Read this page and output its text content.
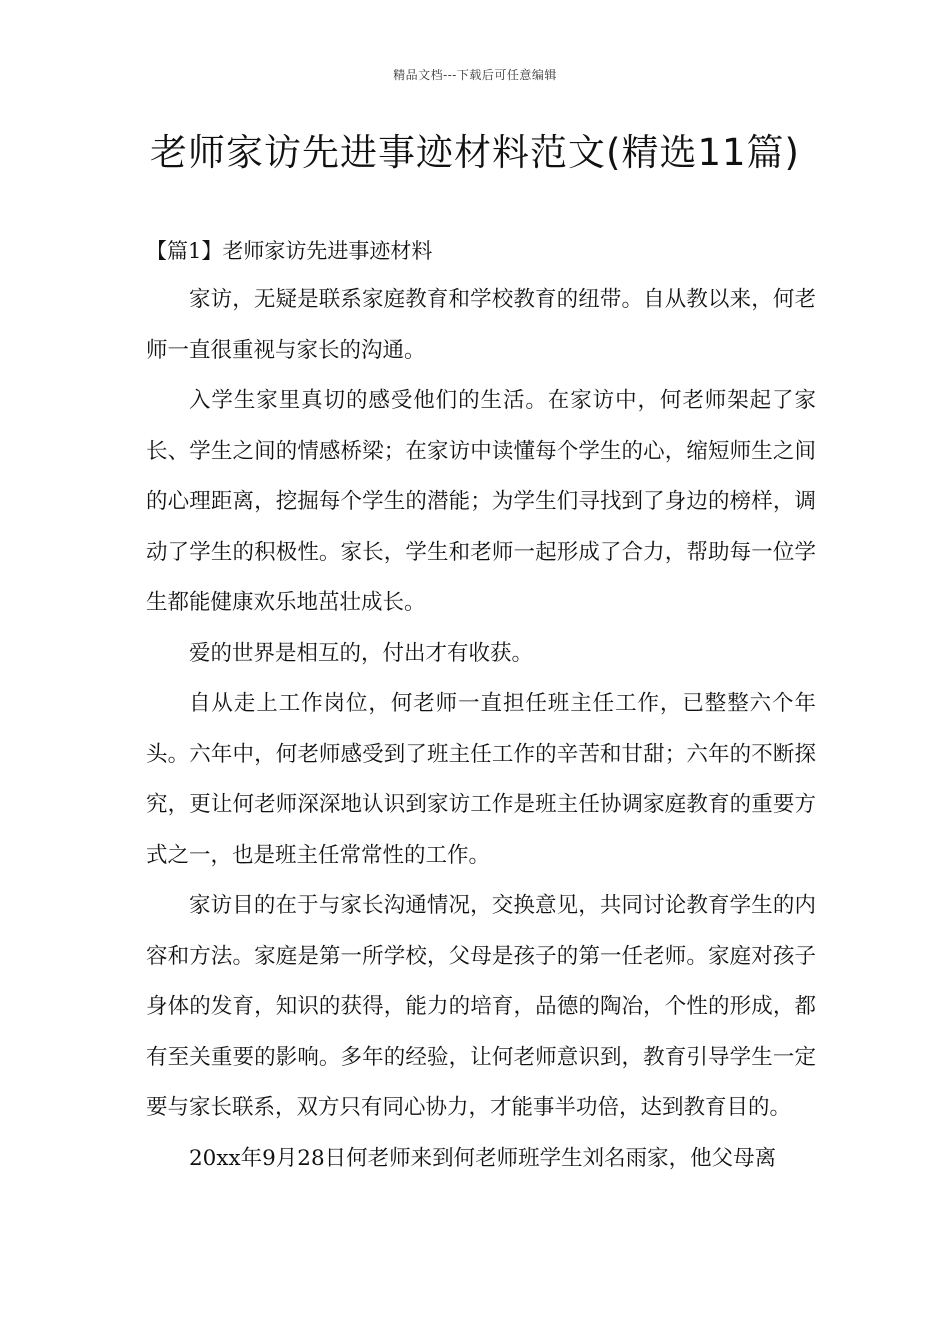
精品文档---下载后可任意编辑
老师家访先进事迹材料范文(精选11篇)
【篇1】老师家访先进事迹材料

家访，无疑是联系家庭教育和学校教育的纽带。自从教以来，何老师一直很重视与家长的沟通。

入学生家里真切的感受他们的生活。在家访中，何老师架起了家长、学生之间的情感桥梁；在家访中读懂每个学生的心，缩短师生之间的心理距离，挖掘每个学生的潜能；为学生们寻找到了身边的榜样，调动了学生的积极性。家长，学生和老师一起形成了合力，帮助每一位学生都能健康欢乐地茁壮成长。

爱的世界是相互的，付出才有收获。

自从走上工作岗位，何老师一直担任班主任工作，已整整六个年头。六年中，何老师感受到了班主任工作的辛苦和甘甜；六年的不断探究，更让何老师深深地认识到家访工作是班主任协调家庭教育的重要方式之一，也是班主任常常性的工作。

家访目的在于与家长沟通情况，交换意见，共同讨论教育学生的内容和方法。家庭是第一所学校，父母是孩子的第一任老师。家庭对孩子身体的发育，知识的获得，能力的培育，品德的陶冶，个性的形成，都有至关重要的影响。多年的经验，让何老师意识到，教育引导学生一定要与家长联系，双方只有同心协力，才能事半功倍，达到教育目的。

20xx年9月28日何老师来到何老师班学生刘名雨家，他父母离
